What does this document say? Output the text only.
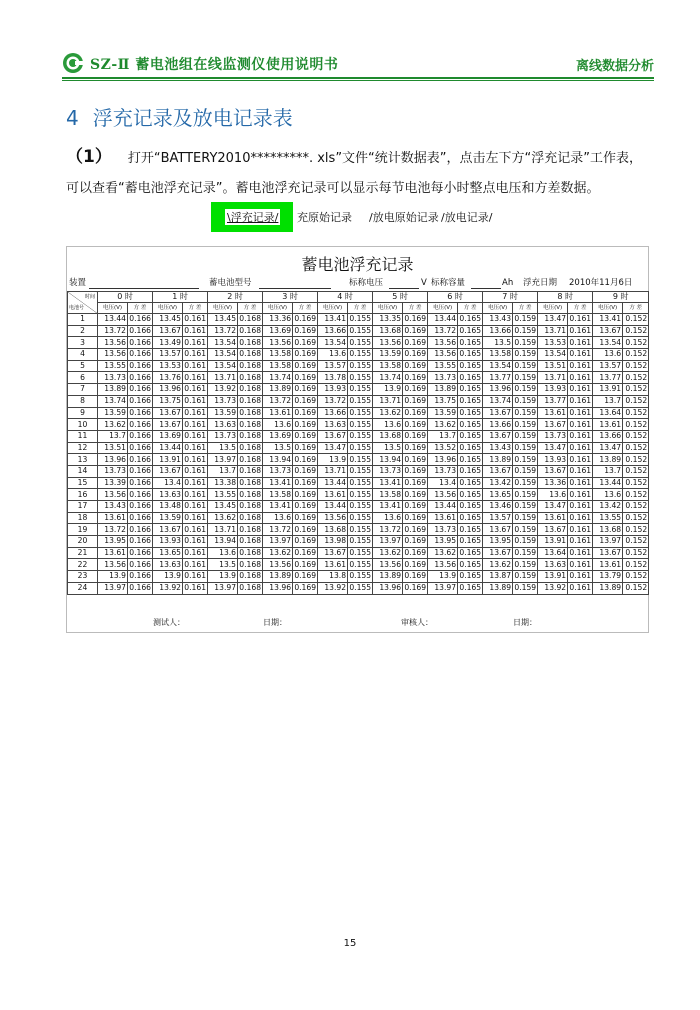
SZ-Ⅱ 蓄电池组在线监测仪使用说明书	离线数据分析
4 浮充记录及放电记录表
（1） 打开“BATTERY2010*********. xls”文件“统计数据表”，点击左下方“浮充记录”工作表，
可以查看“蓄电池浮充记录”。蓄电池浮充记录可以显示每节电池每小时整点电压和方差数据。
\浮充记录/ 充原始记录 /放电原始记录 /放电记录/
蓄电池浮充记录
装置	蓄电池型号	标称电压	V 标称容量	Ah 浮充日期 2010年11月6日
时间
电池号	0 时		1 时		2 时		3 时		4 时		5 时		6 时		7 时		8 时		9 时	
	电压(V)	方 差	电压(V)	方 差	电压(V)	方 差	电压(V)	方 差	电压(V)	方 差	电压(V)	方 差	电压(V)	方 差	电压(V)	方 差	电压(V)	方 差	电压(V)	方 差
1	13.44	0.166	13.45	0.161	13.45	0.168	13.36	0.169	13.41	0.155	13.35	0.169	13.44	0.165	13.43	0.159	13.47	0.161	13.41	0.152
2	13.72	0.166	13.67	0.161	13.72	0.168	13.69	0.169	13.66	0.155	13.68	0.169	13.72	0.165	13.66	0.159	13.71	0.161	13.67	0.152
3	13.56	0.166	13.49	0.161	13.54	0.168	13.56	0.169	13.54	0.155	13.56	0.169	13.56	0.165	13.5	0.159	13.53	0.161	13.54	0.152
4	13.56	0.166	13.57	0.161	13.54	0.168	13.58	0.169	13.6	0.155	13.59	0.169	13.56	0.165	13.58	0.159	13.54	0.161	13.6	0.152
5	13.55	0.166	13.53	0.161	13.54	0.168	13.58	0.169	13.57	0.155	13.58	0.169	13.55	0.165	13.54	0.159	13.51	0.161	13.57	0.152
6	13.73	0.166	13.76	0.161	13.71	0.168	13.74	0.169	13.78	0.155	13.74	0.169	13.73	0.165	13.77	0.159	13.71	0.161	13.77	0.152
7	13.89	0.166	13.96	0.161	13.92	0.168	13.89	0.169	13.93	0.155	13.9	0.169	13.89	0.165	13.96	0.159	13.93	0.161	13.91	0.152
8	13.74	0.166	13.75	0.161	13.73	0.168	13.72	0.169	13.72	0.155	13.71	0.169	13.75	0.165	13.74	0.159	13.77	0.161	13.7	0.152
9	13.59	0.166	13.67	0.161	13.59	0.168	13.61	0.169	13.66	0.155	13.62	0.169	13.59	0.165	13.67	0.159	13.61	0.161	13.64	0.152
10	13.62	0.166	13.67	0.161	13.63	0.168	13.6	0.169	13.63	0.155	13.6	0.169	13.62	0.165	13.66	0.159	13.67	0.161	13.61	0.152
11	13.7	0.166	13.69	0.161	13.73	0.168	13.69	0.169	13.67	0.155	13.68	0.169	13.7	0.165	13.67	0.159	13.73	0.161	13.66	0.152
12	13.51	0.166	13.44	0.161	13.5	0.168	13.5	0.169	13.47	0.155	13.5	0.169	13.52	0.165	13.43	0.159	13.47	0.161	13.47	0.152
13	13.96	0.166	13.91	0.161	13.97	0.168	13.94	0.169	13.9	0.155	13.94	0.169	13.96	0.165	13.89	0.159	13.93	0.161	13.89	0.152
14	13.73	0.166	13.67	0.161	13.7	0.168	13.73	0.169	13.71	0.155	13.73	0.169	13.73	0.165	13.67	0.159	13.67	0.161	13.7	0.152
15	13.39	0.166	13.4	0.161	13.38	0.168	13.41	0.169	13.44	0.155	13.41	0.169	13.4	0.165	13.42	0.159	13.36	0.161	13.44	0.152
16	13.56	0.166	13.63	0.161	13.55	0.168	13.58	0.169	13.61	0.155	13.58	0.169	13.56	0.165	13.65	0.159	13.6	0.161	13.6	0.152
17	13.43	0.166	13.48	0.161	13.45	0.168	13.41	0.169	13.44	0.155	13.41	0.169	13.44	0.165	13.46	0.159	13.47	0.161	13.42	0.152
18	13.61	0.166	13.59	0.161	13.62	0.168	13.6	0.169	13.56	0.155	13.6	0.169	13.61	0.165	13.57	0.159	13.61	0.161	13.55	0.152
19	13.72	0.166	13.67	0.161	13.71	0.168	13.72	0.169	13.68	0.155	13.72	0.169	13.73	0.165	13.67	0.159	13.67	0.161	13.68	0.152
20	13.95	0.166	13.93	0.161	13.94	0.168	13.97	0.169	13.98	0.155	13.97	0.169	13.95	0.165	13.95	0.159	13.91	0.161	13.97	0.152
21	13.61	0.166	13.65	0.161	13.6	0.168	13.62	0.169	13.67	0.155	13.62	0.169	13.62	0.165	13.67	0.159	13.64	0.161	13.67	0.152
22	13.56	0.166	13.63	0.161	13.5	0.168	13.56	0.169	13.61	0.155	13.56	0.169	13.56	0.165	13.62	0.159	13.63	0.161	13.61	0.152
23	13.9	0.166	13.9	0.161	13.9	0.168	13.89	0.169	13.8	0.155	13.89	0.169	13.9	0.165	13.87	0.159	13.91	0.161	13.79	0.152
24	13.97	0.166	13.92	0.161	13.97	0.168	13.96	0.169	13.92	0.155	13.96	0.169	13.97	0.165	13.89	0.159	13.92	0.161	13.89	0.152
测试人：	日期：	审核人：	日期：
15
